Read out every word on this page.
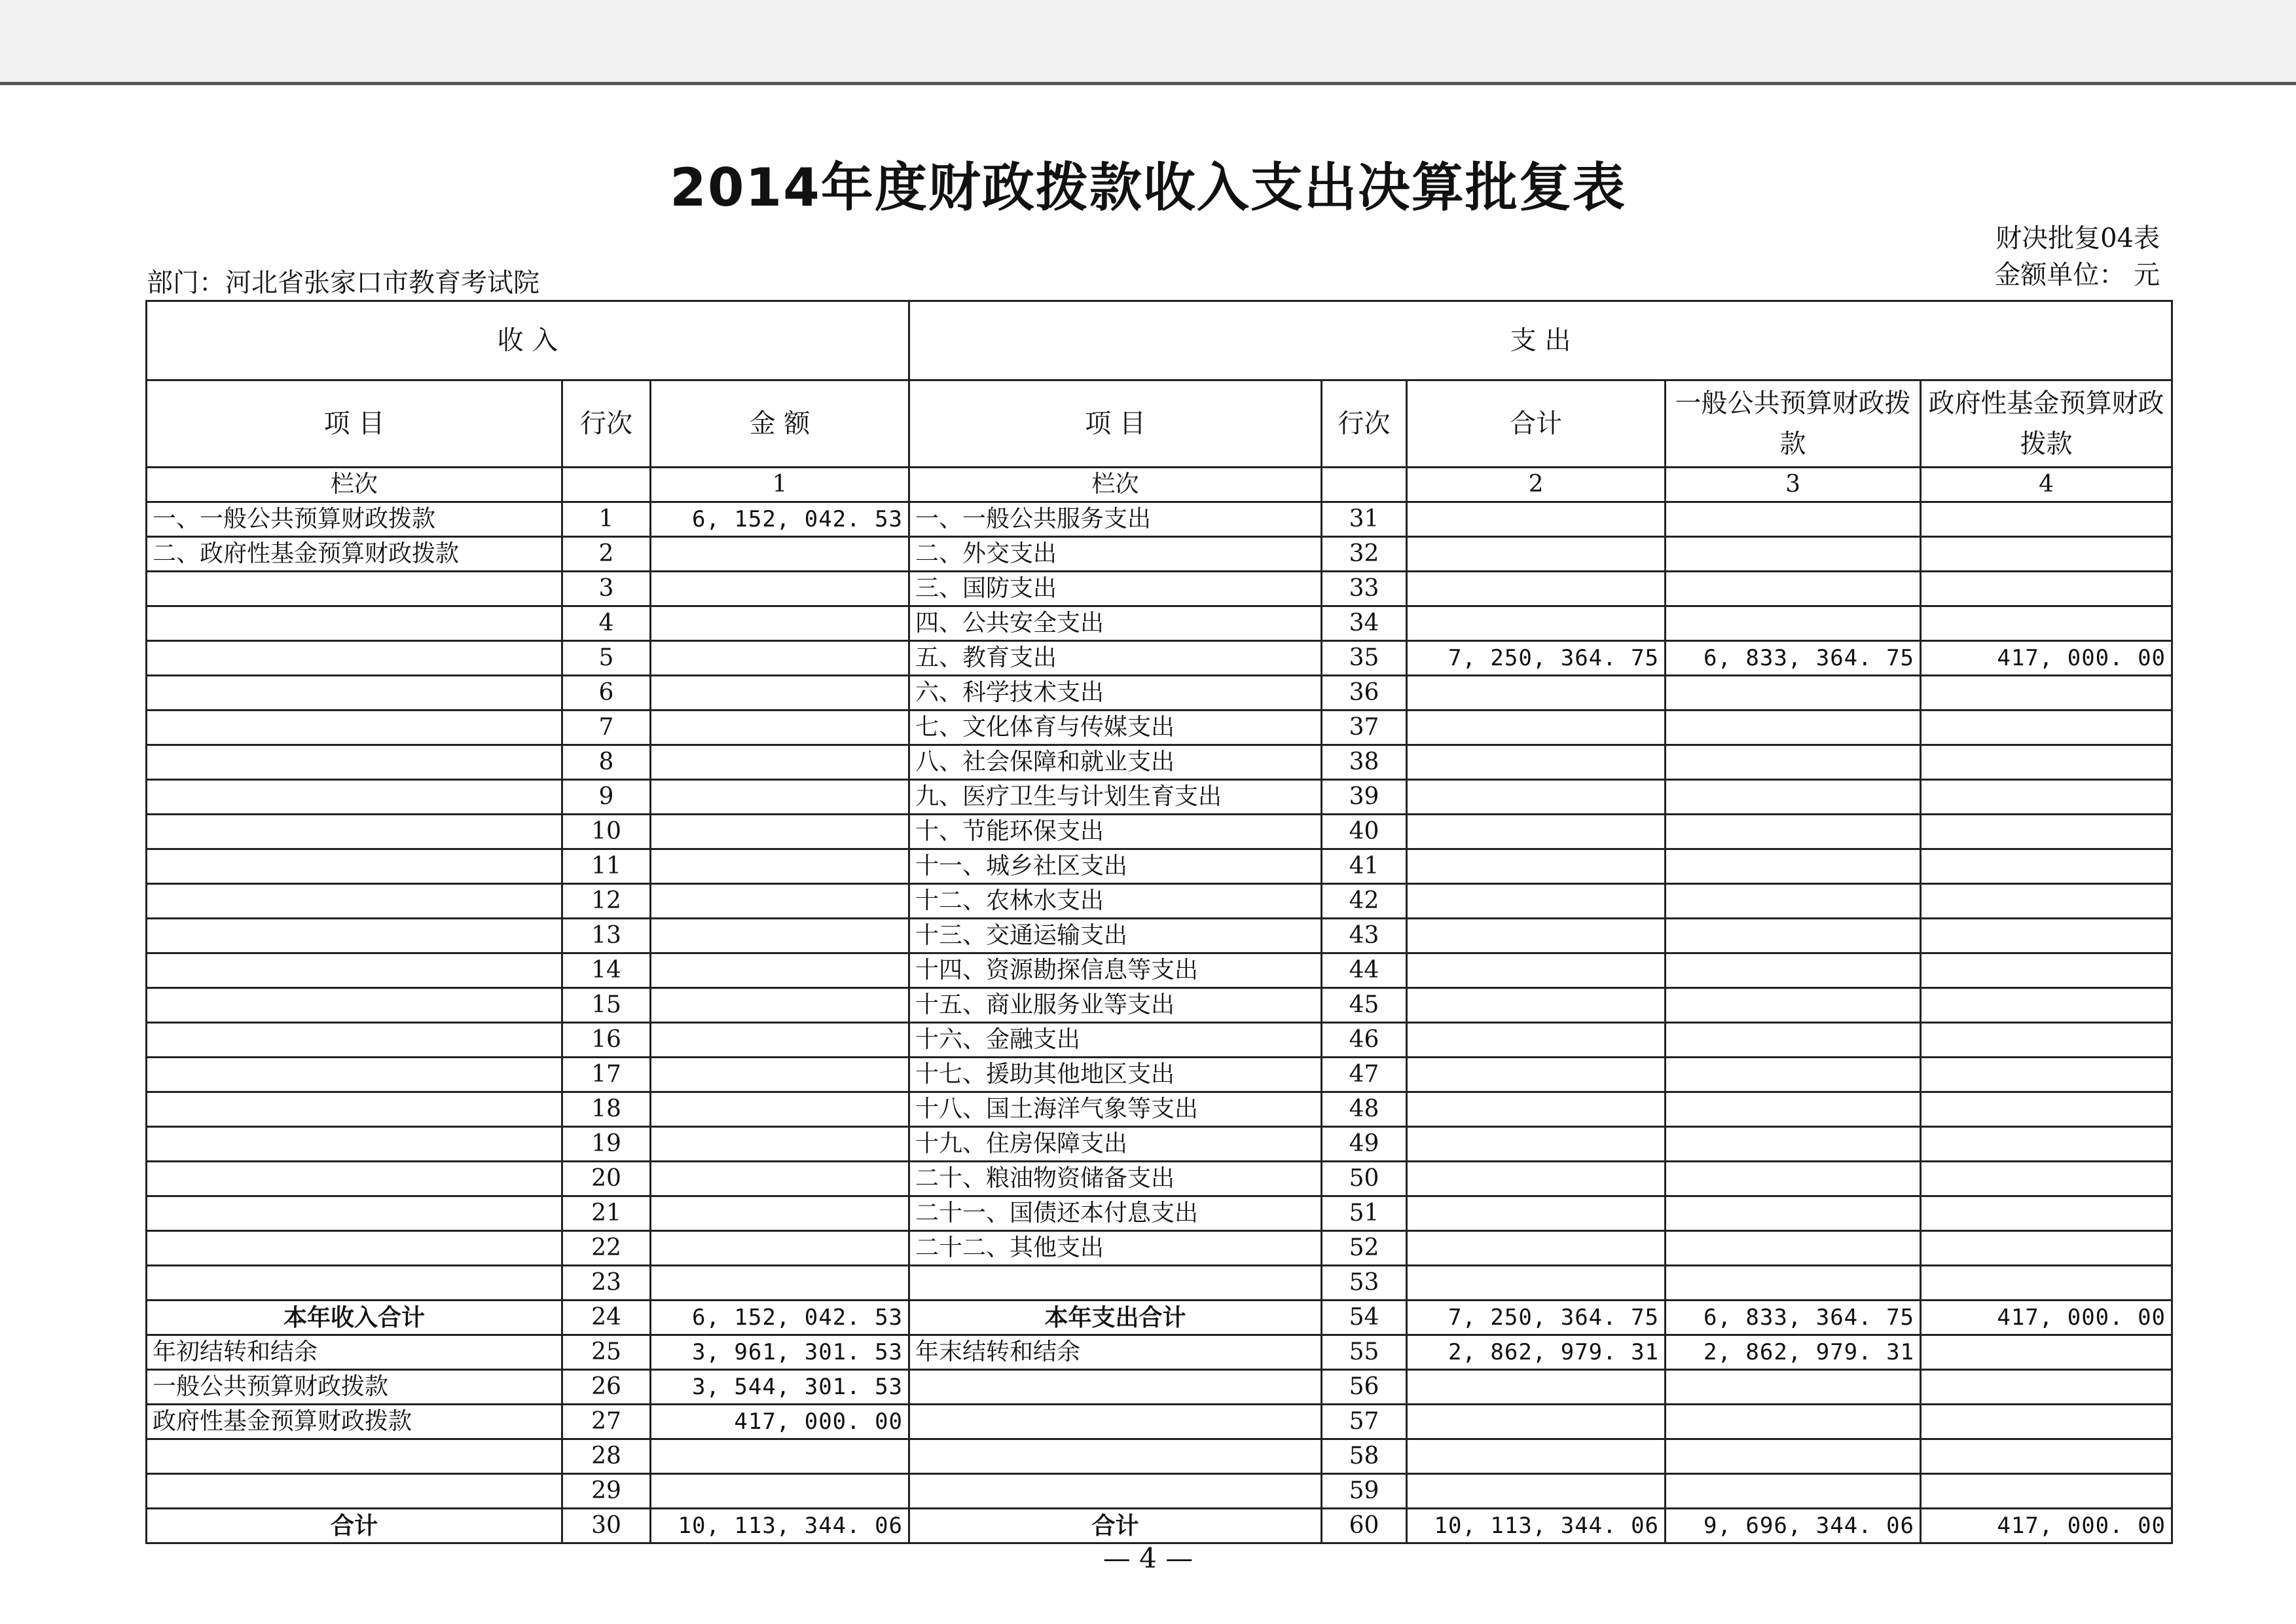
2014年度财政拨款收入支出决算批复表
财决批复04表
金额单位： 元
部门：河北省张家口市教育考试院
收 入			支 出				
项 目	行次	金 额	项 目	行次	合计	一般公共预算财政拨款	政府性基金预算财政拨款
栏次		1	栏次		2	3	4
一、一般公共预算财政拨款	1	6, 152, 042. 53	一、一般公共服务支出	31			
二、政府性基金预算财政拨款	2		二、外交支出	32			
	3		三、国防支出	33			
	4		四、公共安全支出	34			
	5		五、教育支出	35	7, 250, 364. 75	6, 833, 364. 75	417, 000. 00
	6		六、科学技术支出	36			
	7		七、文化体育与传媒支出	37			
	8		八、社会保障和就业支出	38			
	9		九、医疗卫生与计划生育支出	39			
	10		十、节能环保支出	40			
	11		十一、城乡社区支出	41			
	12		十二、农林水支出	42			
	13		十三、交通运输支出	43			
	14		十四、资源勘探信息等支出	44			
	15		十五、商业服务业等支出	45			
	16		十六、金融支出	46			
	17		十七、援助其他地区支出	47			
	18		十八、国土海洋气象等支出	48			
	19		十九、住房保障支出	49			
	20		二十、粮油物资储备支出	50			
	21		二十一、国债还本付息支出	51			
	22		二十二、其他支出	52			
	23			53			
本年收入合计	24	6, 152, 042. 53	本年支出合计	54	7, 250, 364. 75	6, 833, 364. 75	417, 000. 00
年初结转和结余	25	3, 961, 301. 53	年末结转和结余	55	2, 862, 979. 31	2, 862, 979. 31	
一般公共预算财政拨款	26	3, 544, 301. 53		56			
政府性基金预算财政拨款	27	417, 000. 00		57			
	28			58			
	29			59			
合计	30	10, 113, 344. 06	合计	60	10, 113, 344. 06	9, 696, 344. 06	417, 000. 00
— 4 —
